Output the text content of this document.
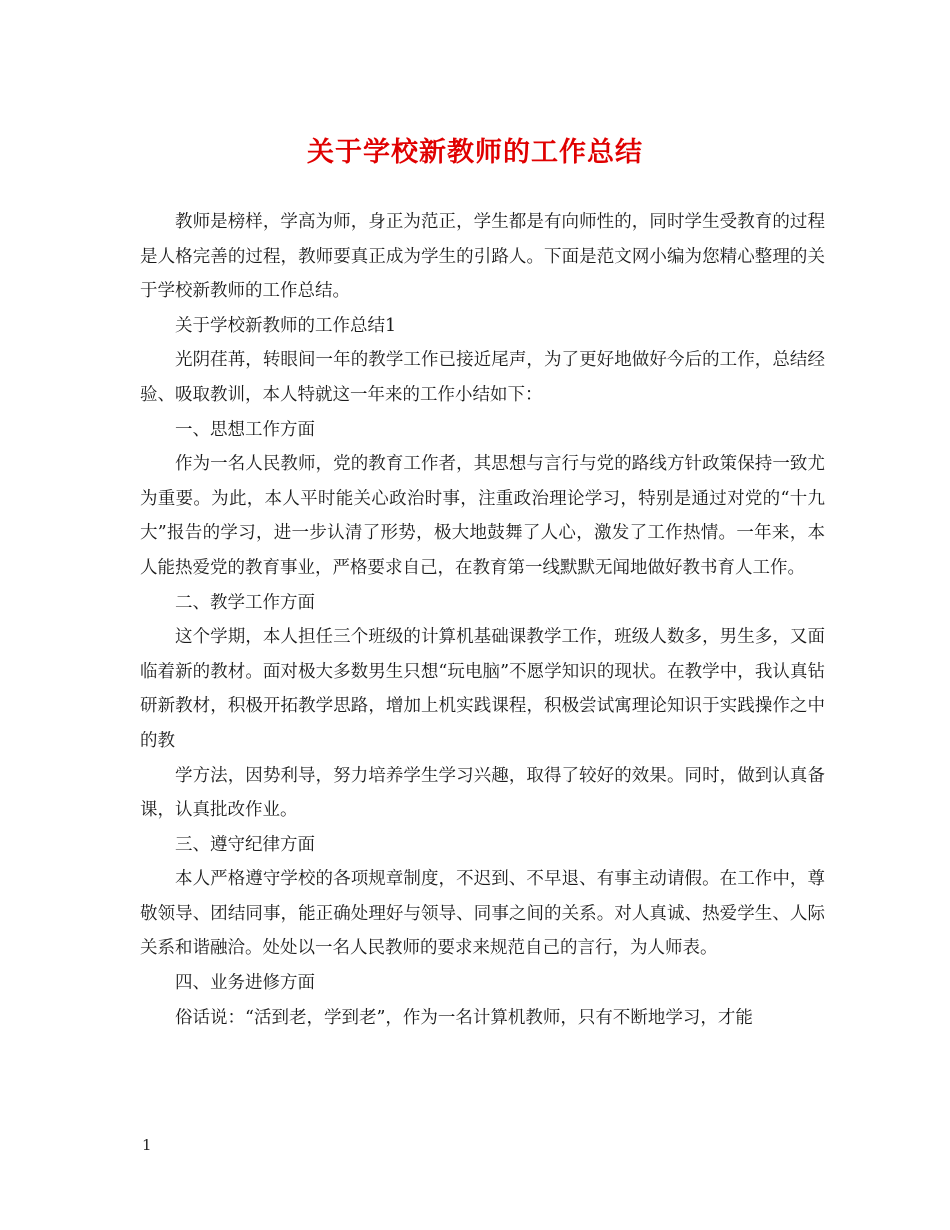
关于学校新教师的工作总结

教师是榜样，学高为师，身正为范正，学生都是有向师性的，同时学生受教育的过程是人格完善的过程，教师要真正成为学生的引路人。下面是范文网小编为您精心整理的关于学校新教师的工作总结。

关于学校新教师的工作总结1

光阴荏苒，转眼间一年的教学工作已接近尾声，为了更好地做好今后的工作，总结经验、吸取教训，本人特就这一年来的工作小结如下：

一、思想工作方面

作为一名人民教师，党的教育工作者，其思想与言行与党的路线方针政策保持一致尤为重要。为此，本人平时能关心政治时事，注重政治理论学习，特别是通过对党的“十九大”报告的学习，进一步认清了形势，极大地鼓舞了人心，激发了工作热情。一年来，本人能热爱党的教育事业，严格要求自己，在教育第一线默默无闻地做好教书育人工作。

二、教学工作方面

这个学期，本人担任三个班级的计算机基础课教学工作，班级人数多，男生多，又面临着新的教材。面对极大多数男生只想“玩电脑”不愿学知识的现状。在教学中，我认真钻研新教材，积极开拓教学思路，增加上机实践课程，积极尝试寓理论知识于实践操作之中的教

学方法，因势利导，努力培养学生学习兴趣，取得了较好的效果。同时，做到认真备课，认真批改作业。

三、遵守纪律方面

本人严格遵守学校的各项规章制度，不迟到、不早退、有事主动请假。在工作中，尊敬领导、团结同事，能正确处理好与领导、同事之间的关系。对人真诚、热爱学生、人际关系和谐融洽。处处以一名人民教师的要求来规范自己的言行，为人师表。

四、业务进修方面

俗话说：“活到老，学到老”，作为一名计算机教师，只有不断地学习，才能

1
